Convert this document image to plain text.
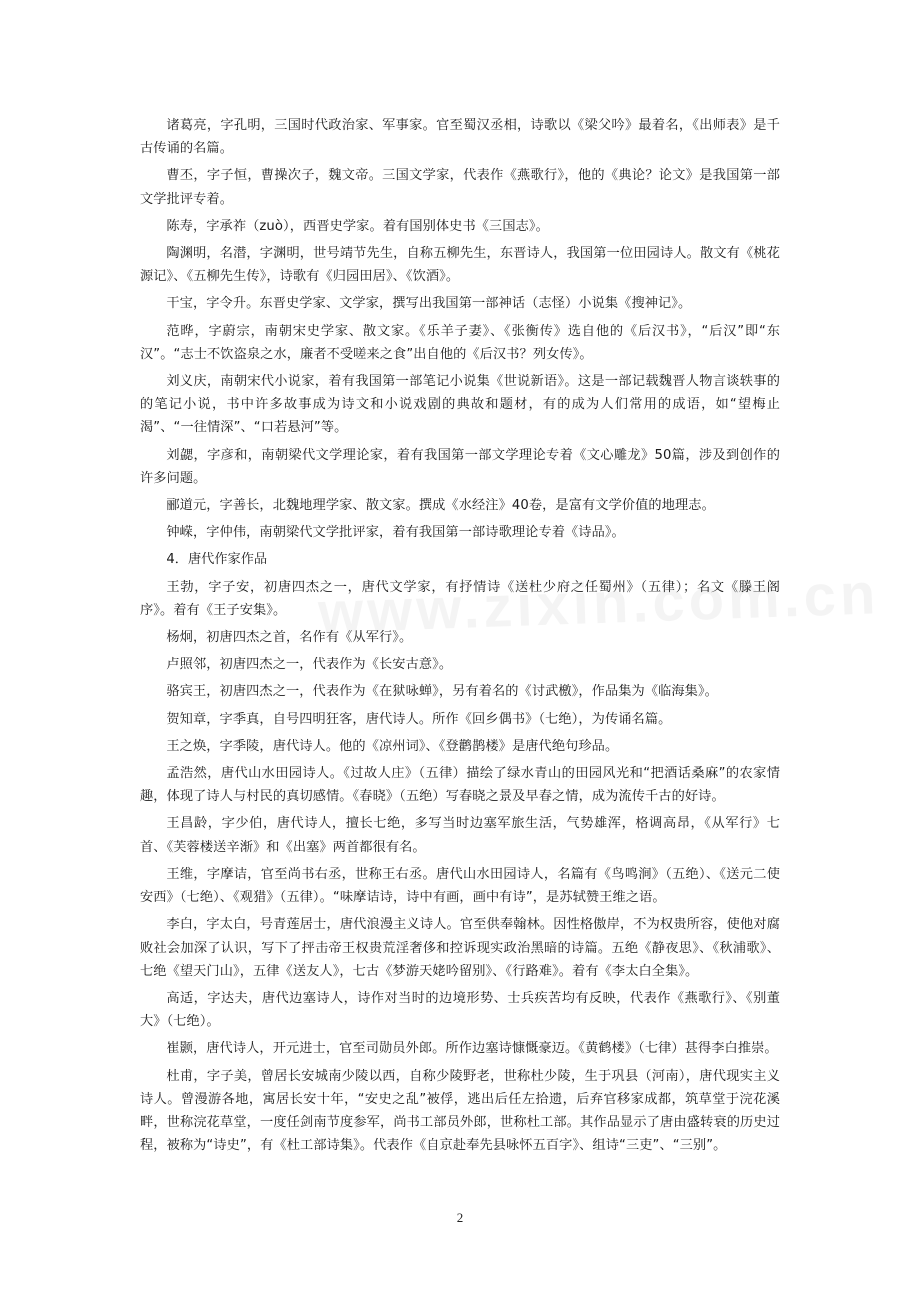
诸葛亮，字孔明，三国时代政治家、军事家。官至蜀汉丞相，诗歌以《梁父吟》最着名，《出师表》是千古传诵的名篇。

曹丕，字子恒，曹操次子，魏文帝。三国文学家，代表作《燕歌行》，他的《典论？论文》是我国第一部文学批评专着。

陈寿，字承祚（zuò），西晋史学家。着有国别体史书《三国志》。

陶渊明，名潜，字渊明，世号靖节先生，自称五柳先生，东晋诗人，我国第一位田园诗人。散文有《桃花源记》、《五柳先生传》，诗歌有《归园田居》、《饮酒》。

干宝，字令升。东晋史学家、文学家，撰写出我国第一部神话（志怪）小说集《搜神记》。

范晔，字蔚宗，南朝宋史学家、散文家。《乐羊子妻》、《张衡传》选自他的《后汉书》，“后汉”即“东汉”。“志士不饮盗泉之水，廉者不受嗟来之食”出自他的《后汉书？列女传》。

刘义庆，南朝宋代小说家，着有我国第一部笔记小说集《世说新语》。这是一部记载魏晋人物言谈轶事的的笔记小说，书中许多故事成为诗文和小说戏剧的典故和题材，有的成为人们常用的成语，如“望梅止渴”、“一往情深”、“口若悬河”等。

刘勰，字彦和，南朝梁代文学理论家，着有我国第一部文学理论专着《文心雕龙》50篇，涉及到创作的许多问题。

郦道元，字善长，北魏地理学家、散文家。撰成《水经注》40卷，是富有文学价值的地理志。

钟嵘，字仲伟，南朝梁代文学批评家，着有我国第一部诗歌理论专着《诗品》。

4．唐代作家作品

王勃，字子安，初唐四杰之一，唐代文学家，有抒情诗《送杜少府之任蜀州》（五律）；名文《滕王阁序》。着有《王子安集》。

杨炯，初唐四杰之首，名作有《从军行》。

卢照邻，初唐四杰之一，代表作为《长安古意》。

骆宾王，初唐四杰之一，代表作为《在狱咏蝉》，另有着名的《讨武檄》，作品集为《临海集》。

贺知章，字季真，自号四明狂客，唐代诗人。所作《回乡偶书》（七绝），为传诵名篇。

王之焕，字季陵，唐代诗人。他的《凉州词》、《登鹳鹊楼》是唐代绝句珍品。

孟浩然，唐代山水田园诗人。《过故人庄》（五律）描绘了绿水青山的田园风光和“把酒话桑麻”的农家情趣，体现了诗人与村民的真切感情。《春晓》（五绝）写春晓之景及早春之情，成为流传千古的好诗。

王昌龄，字少伯，唐代诗人，擅长七绝，多写当时边塞军旅生活，气势雄浑，格调高昂，《从军行》七首、《芙蓉楼送辛渐》和《出塞》两首都很有名。

王维，字摩诘，官至尚书右丞，世称王右丞。唐代山水田园诗人，名篇有《鸟鸣涧》（五绝）、《送元二使安西》（七绝）、《观猎》（五律）。“味摩诘诗，诗中有画，画中有诗”，是苏轼赞王维之语。

李白，字太白，号青莲居士，唐代浪漫主义诗人。官至供奉翰林。因性格傲岸，不为权贵所容，使他对腐败社会加深了认识，写下了抨击帝王权贵荒淫奢侈和控诉现实政治黑暗的诗篇。五绝《静夜思》、《秋浦歌》、七绝《望天门山》，五律《送友人》，七古《梦游天姥吟留别》、《行路难》。着有《李太白全集》。

高适，字达夫，唐代边塞诗人，诗作对当时的边境形势、士兵疾苦均有反映，代表作《燕歌行》、《别董大》（七绝）。

崔颢，唐代诗人，开元进士，官至司勋员外郎。所作边塞诗慷慨豪迈。《黄鹤楼》（七律）甚得李白推崇。

杜甫，字子美，曾居长安城南少陵以西，自称少陵野老，世称杜少陵，生于巩县（河南），唐代现实主义诗人。曾漫游各地，寓居长安十年，“安史之乱”被俘，逃出后任左拾遗，后弃官移家成都，筑草堂于浣花溪畔，世称浣花草堂，一度任剑南节度参军，尚书工部员外郎，世称杜工部。其作品显示了唐由盛转衰的历史过程，被称为“诗史”，有《杜工部诗集》。代表作《自京赴奉先县咏怀五百字》、组诗“三吏”、“三别”。

2
